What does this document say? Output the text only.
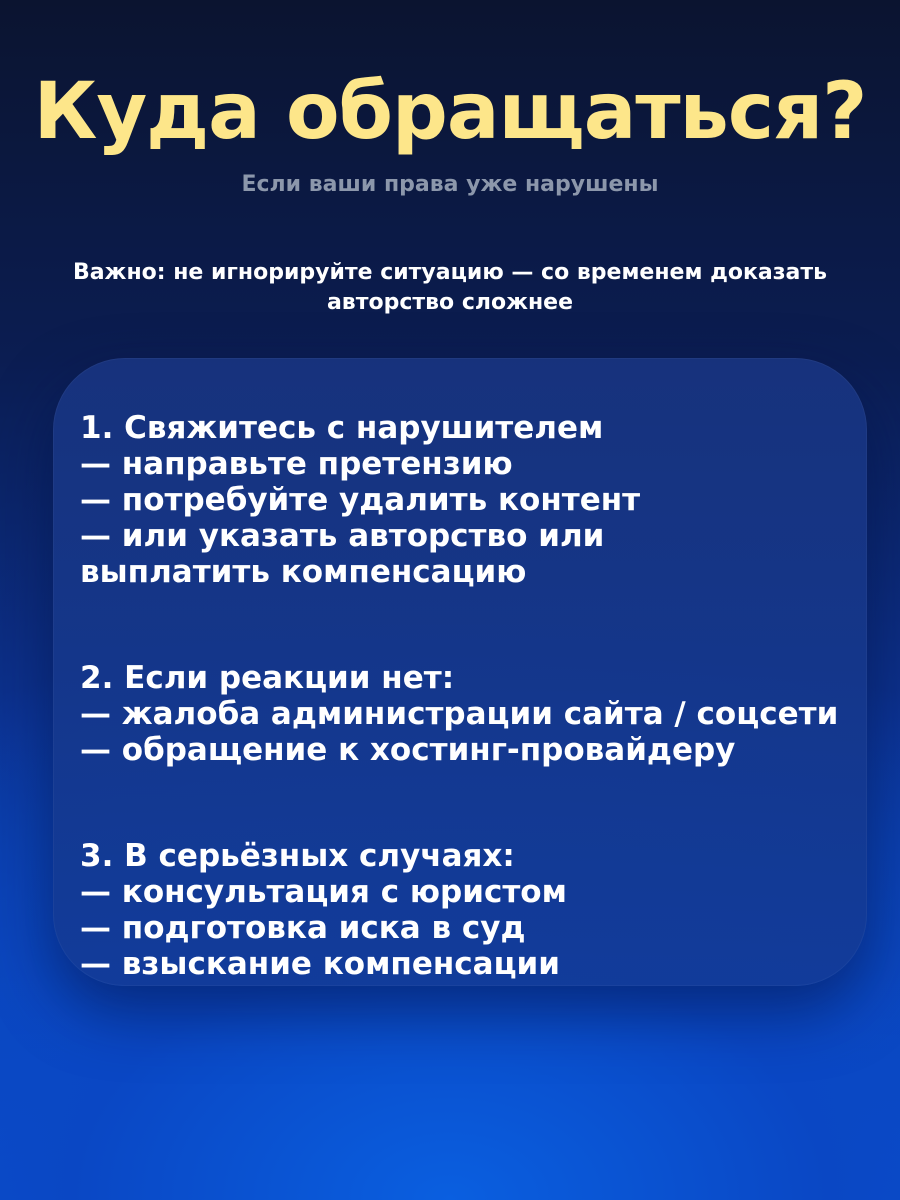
Куда обращаться?
Если ваши права уже нарушены
Важно: не игнорируйте ситуацию — со временем доказать
авторство сложнее
1. Свяжитесь с нарушителем
— направьте претензию
— потребуйте удалить контент
— или указать авторство или
выплатить компенсацию
2. Если реакции нет:
— жалоба администрации сайта / соцсети
— обращение к хостинг-провайдеру
3. В серьёзных случаях:
— консультация с юристом
— подготовка иска в суд
— взыскание компенсации
